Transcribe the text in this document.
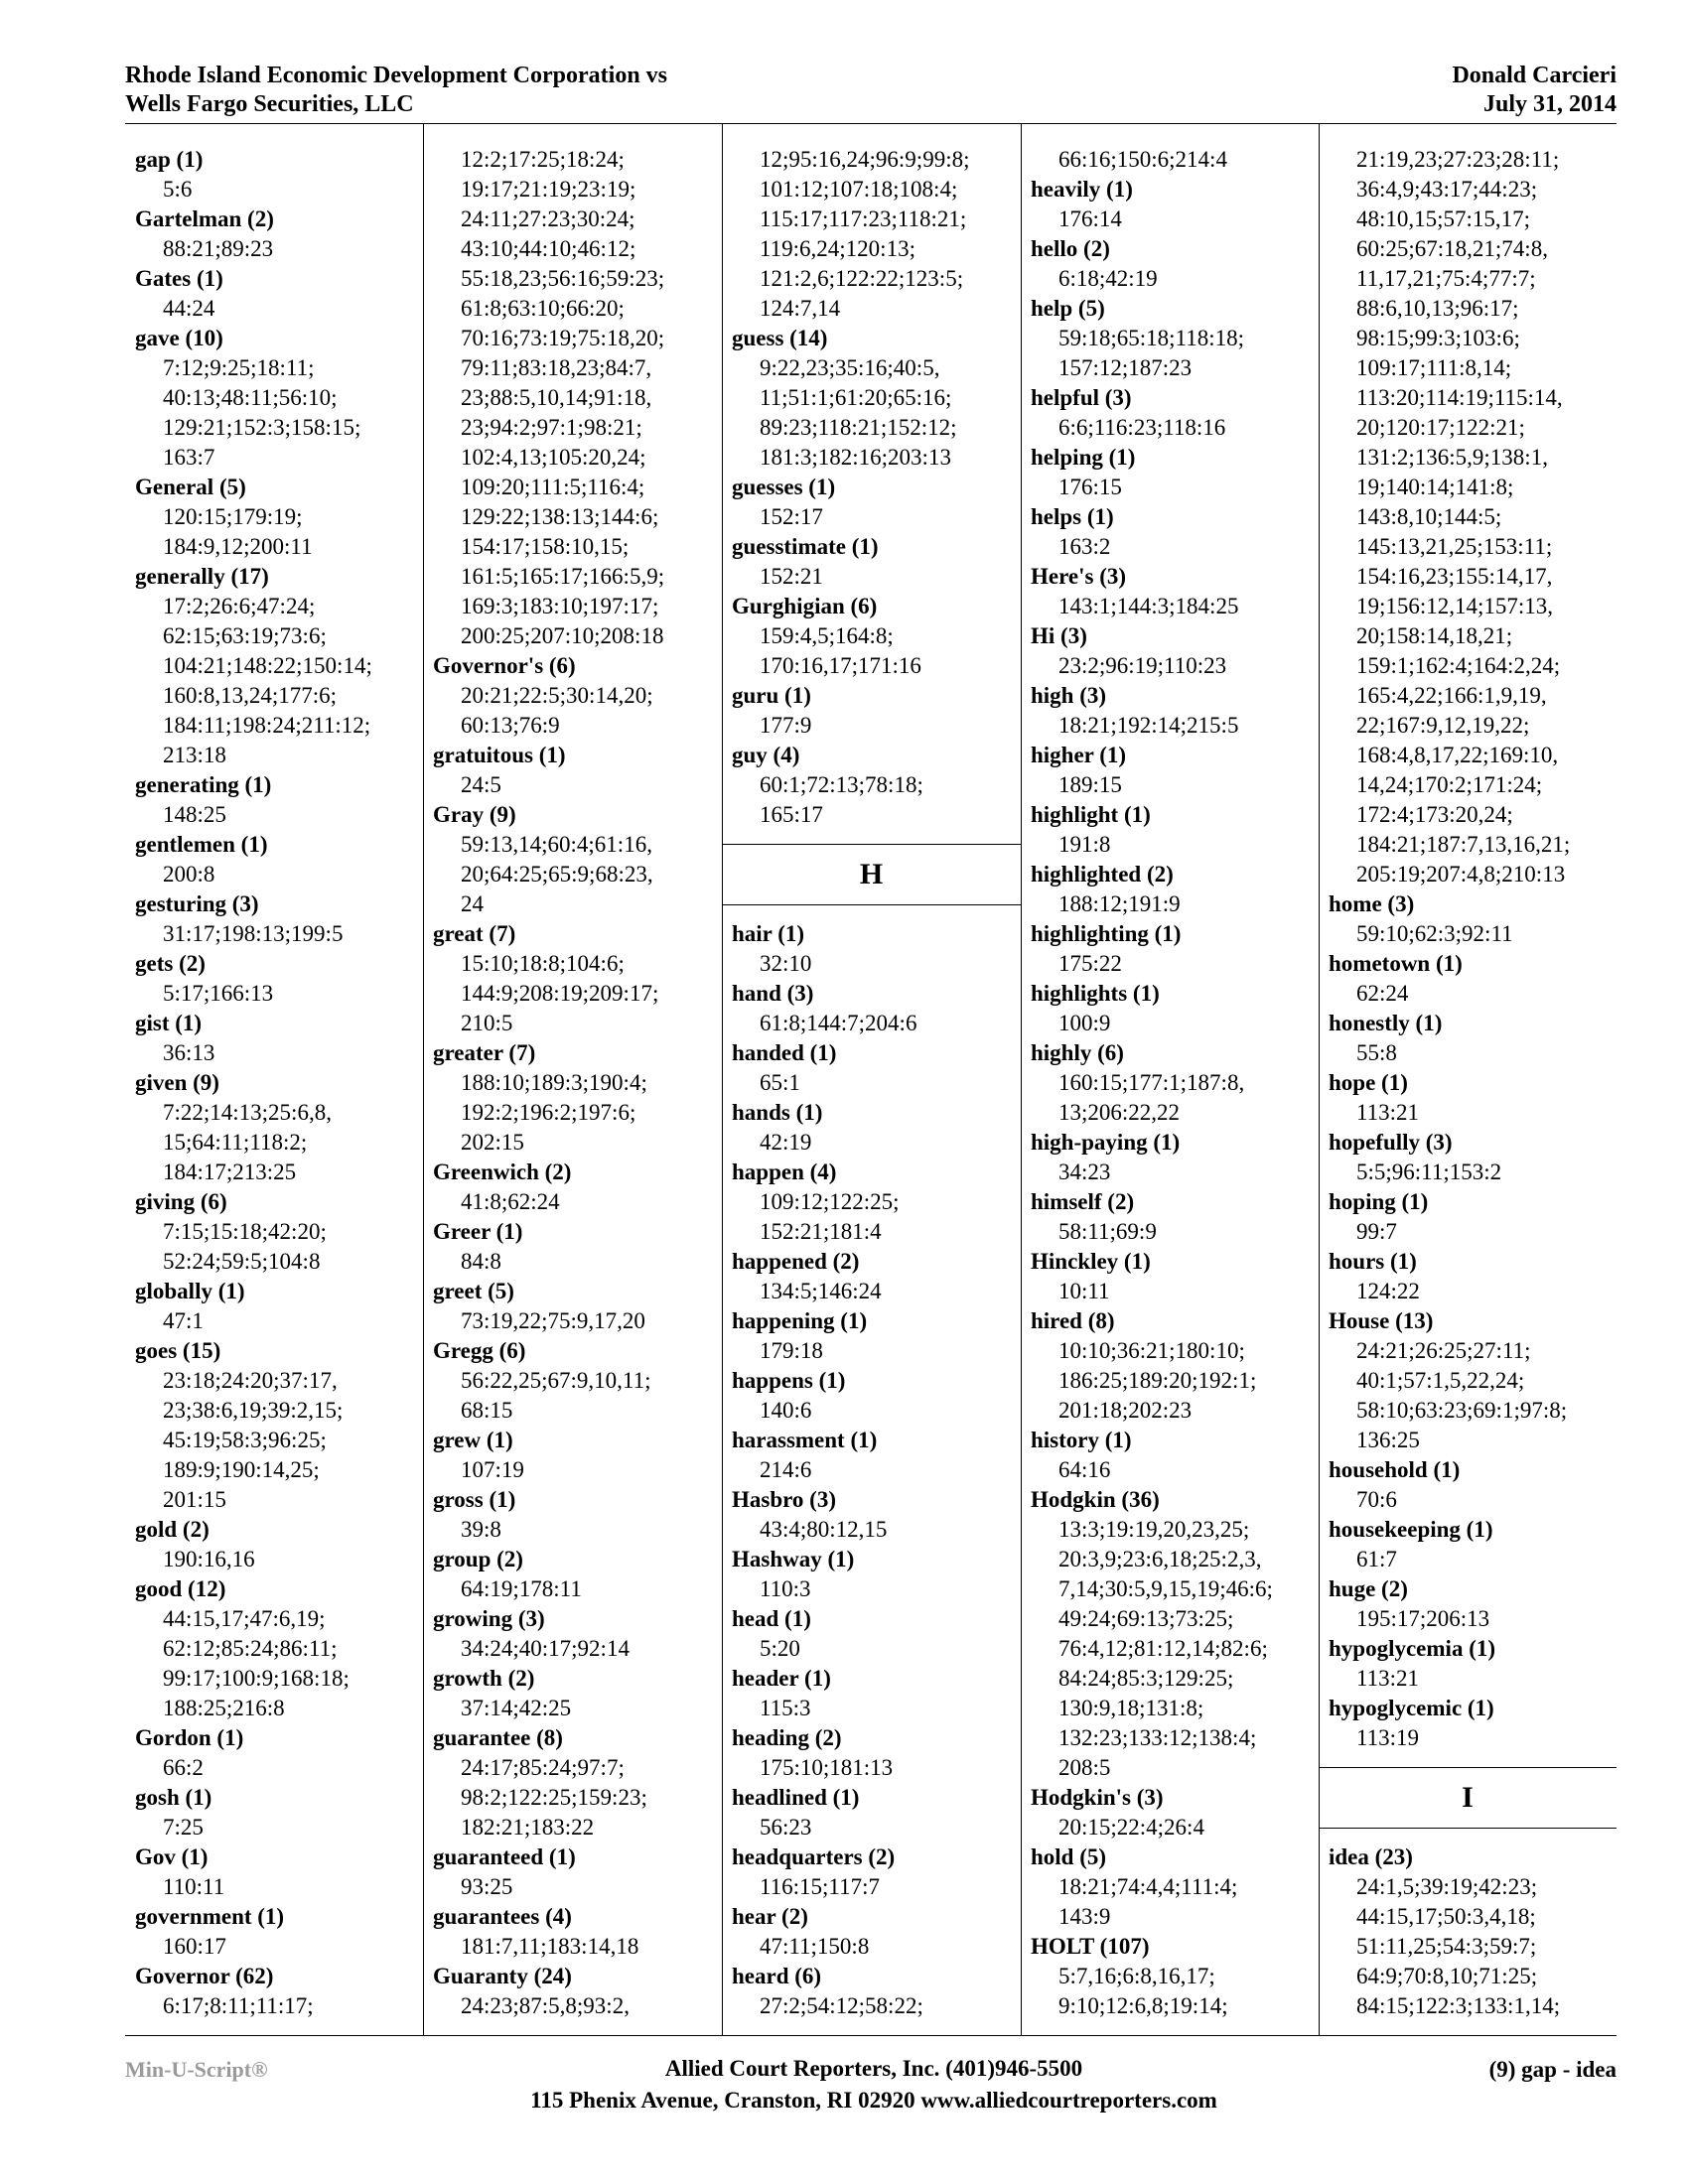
Rhode Island Economic Development Corporation vs
Wells Fargo Securities, LLC
Donald Carcieri
July 31, 2014
gap (1)
5:6
Gartelman (2)
88:21;89:23
Gates (1)
44:24
gave (10)
7:12;9:25;18:11;
40:13;48:11;56:10;
129:21;152:3;158:15;
163:7
General (5)
120:15;179:19;
184:9,12;200:11
generally (17)
17:2;26:6;47:24;
62:15;63:19;73:6;
104:21;148:22;150:14;
160:8,13,24;177:6;
184:11;198:24;211:12;
213:18
generating (1)
148:25
gentlemen (1)
200:8
gesturing (3)
31:17;198:13;199:5
gets (2)
5:17;166:13
gist (1)
36:13
given (9)
7:22;14:13;25:6,8,
15;64:11;118:2;
184:17;213:25
giving (6)
7:15;15:18;42:20;
52:24;59:5;104:8
globally (1)
47:1
goes (15)
23:18;24:20;37:17,
23;38:6,19;39:2,15;
45:19;58:3;96:25;
189:9;190:14,25;
201:15
gold (2)
190:16,16
good (12)
44:15,17;47:6,19;
62:12;85:24;86:11;
99:17;100:9;168:18;
188:25;216:8
Gordon (1)
66:2
gosh (1)
7:25
Gov (1)
110:11
government (1)
160:17
Governor (62)
6:17;8:11;11:17;
12:2;17:25;18:24;
19:17;21:19;23:19;
24:11;27:23;30:24;
43:10;44:10;46:12;
55:18,23;56:16;59:23;
61:8;63:10;66:20;
70:16;73:19;75:18,20;
79:11;83:18,23;84:7,
23;88:5,10,14;91:18,
23;94:2;97:1;98:21;
102:4,13;105:20,24;
109:20;111:5;116:4;
129:22;138:13;144:6;
154:17;158:10,15;
161:5;165:17;166:5,9;
169:3;183:10;197:17;
200:25;207:10;208:18
Governor's (6)
20:21;22:5;30:14,20;
60:13;76:9
gratuitous (1)
24:5
Gray (9)
59:13,14;60:4;61:16,
20;64:25;65:9;68:23,
24
great (7)
15:10;18:8;104:6;
144:9;208:19;209:17;
210:5
greater (7)
188:10;189:3;190:4;
192:2;196:2;197:6;
202:15
Greenwich (2)
41:8;62:24
Greer (1)
84:8
greet (5)
73:19,22;75:9,17,20
Gregg (6)
56:22,25;67:9,10,11;
68:15
grew (1)
107:19
gross (1)
39:8
group (2)
64:19;178:11
growing (3)
34:24;40:17;92:14
growth (2)
37:14;42:25
guarantee (8)
24:17;85:24;97:7;
98:2;122:25;159:23;
182:21;183:22
guaranteed (1)
93:25
guarantees (4)
181:7,11;183:14,18
Guaranty (24)
24:23;87:5,8;93:2,
12;95:16,24;96:9;99:8;
101:12;107:18;108:4;
115:17;117:23;118:21;
119:6,24;120:13;
121:2,6;122:22;123:5;
124:7,14
guess (14)
9:22,23;35:16;40:5,
11;51:1;61:20;65:16;
89:23;118:21;152:12;
181:3;182:16;203:13
guesses (1)
152:17
guesstimate (1)
152:21
Gurghigian (6)
159:4,5;164:8;
170:16,17;171:16
guru (1)
177:9
guy (4)
60:1;72:13;78:18;
165:17
H
hair (1)
32:10
hand (3)
61:8;144:7;204:6
handed (1)
65:1
hands (1)
42:19
happen (4)
109:12;122:25;
152:21;181:4
happened (2)
134:5;146:24
happening (1)
179:18
happens (1)
140:6
harassment (1)
214:6
Hasbro (3)
43:4;80:12,15
Hashway (1)
110:3
head (1)
5:20
header (1)
115:3
heading (2)
175:10;181:13
headlined (1)
56:23
headquarters (2)
116:15;117:7
hear (2)
47:11;150:8
heard (6)
27:2;54:12;58:22;
66:16;150:6;214:4
heavily (1)
176:14
hello (2)
6:18;42:19
help (5)
59:18;65:18;118:18;
157:12;187:23
helpful (3)
6:6;116:23;118:16
helping (1)
176:15
helps (1)
163:2
Here's (3)
143:1;144:3;184:25
Hi (3)
23:2;96:19;110:23
high (3)
18:21;192:14;215:5
higher (1)
189:15
highlight (1)
191:8
highlighted (2)
188:12;191:9
highlighting (1)
175:22
highlights (1)
100:9
highly (6)
160:15;177:1;187:8,
13;206:22,22
high-paying (1)
34:23
himself (2)
58:11;69:9
Hinckley (1)
10:11
hired (8)
10:10;36:21;180:10;
186:25;189:20;192:1;
201:18;202:23
history (1)
64:16
Hodgkin (36)
13:3;19:19,20,23,25;
20:3,9;23:6,18;25:2,3,
7,14;30:5,9,15,19;46:6;
49:24;69:13;73:25;
76:4,12;81:12,14;82:6;
84:24;85:3;129:25;
130:9,18;131:8;
132:23;133:12;138:4;
208:5
Hodgkin's (3)
20:15;22:4;26:4
hold (5)
18:21;74:4,4;111:4;
143:9
HOLT (107)
5:7,16;6:8,16,17;
9:10;12:6,8;19:14;
21:19,23;27:23;28:11;
36:4,9;43:17;44:23;
48:10,15;57:15,17;
60:25;67:18,21;74:8,
11,17,21;75:4;77:7;
88:6,10,13;96:17;
98:15;99:3;103:6;
109:17;111:8,14;
113:20;114:19;115:14,
20;120:17;122:21;
131:2;136:5,9;138:1,
19;140:14;141:8;
143:8,10;144:5;
145:13,21,25;153:11;
154:16,23;155:14,17,
19;156:12,14;157:13,
20;158:14,18,21;
159:1;162:4;164:2,24;
165:4,22;166:1,9,19,
22;167:9,12,19,22;
168:4,8,17,22;169:10,
14,24;170:2;171:24;
172:4;173:20,24;
184:21;187:7,13,16,21;
205:19;207:4,8;210:13
home (3)
59:10;62:3;92:11
hometown (1)
62:24
honestly (1)
55:8
hope (1)
113:21
hopefully (3)
5:5;96:11;153:2
hoping (1)
99:7
hours (1)
124:22
House (13)
24:21;26:25;27:11;
40:1;57:1,5,22,24;
58:10;63:23;69:1;97:8;
136:25
household (1)
70:6
housekeeping (1)
61:7
huge (2)
195:17;206:13
hypoglycemia (1)
113:21
hypoglycemic (1)
113:19
I
idea (23)
24:1,5;39:19;42:23;
44:15,17;50:3,4,18;
51:11,25;54:3;59:7;
64:9;70:8,10;71:25;
84:15;122:3;133:1,14;
Min-U-Script®	Allied Court Reporters, Inc. (401)946-5500
115 Phenix Avenue, Cranston, RI 02920 www.alliedcourtreporters.com
(9) gap - idea
